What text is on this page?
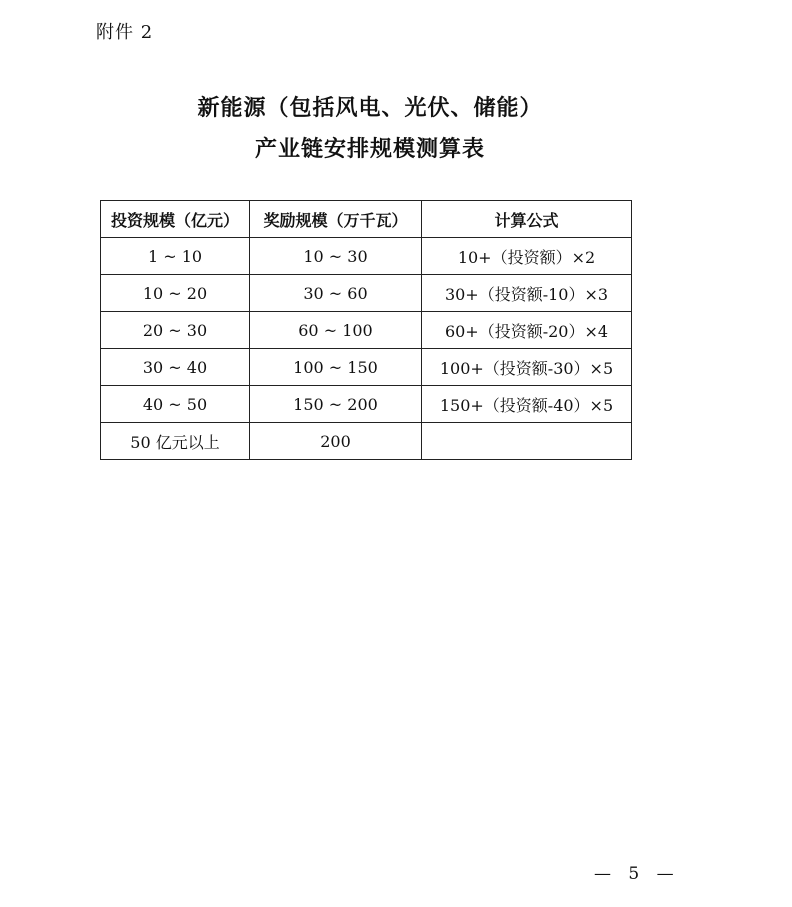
附件 2
新能源（包括风电、光伏、储能）
产业链安排规模测算表
投资规模（亿元）	奖励规模（万千瓦）	计算公式
1 ~ 10	10 ~ 30	10+（投资额）×2
10 ~ 20	30 ~ 60	30+（投资额-10）×3
20 ~ 30	60 ~ 100	60+（投资额-20）×4
30 ~ 40	100 ~ 150	100+（投资额-30）×5
40 ~ 50	150 ~ 200	150+（投资额-40）×5
50 亿元以上	200	
— 5 —
